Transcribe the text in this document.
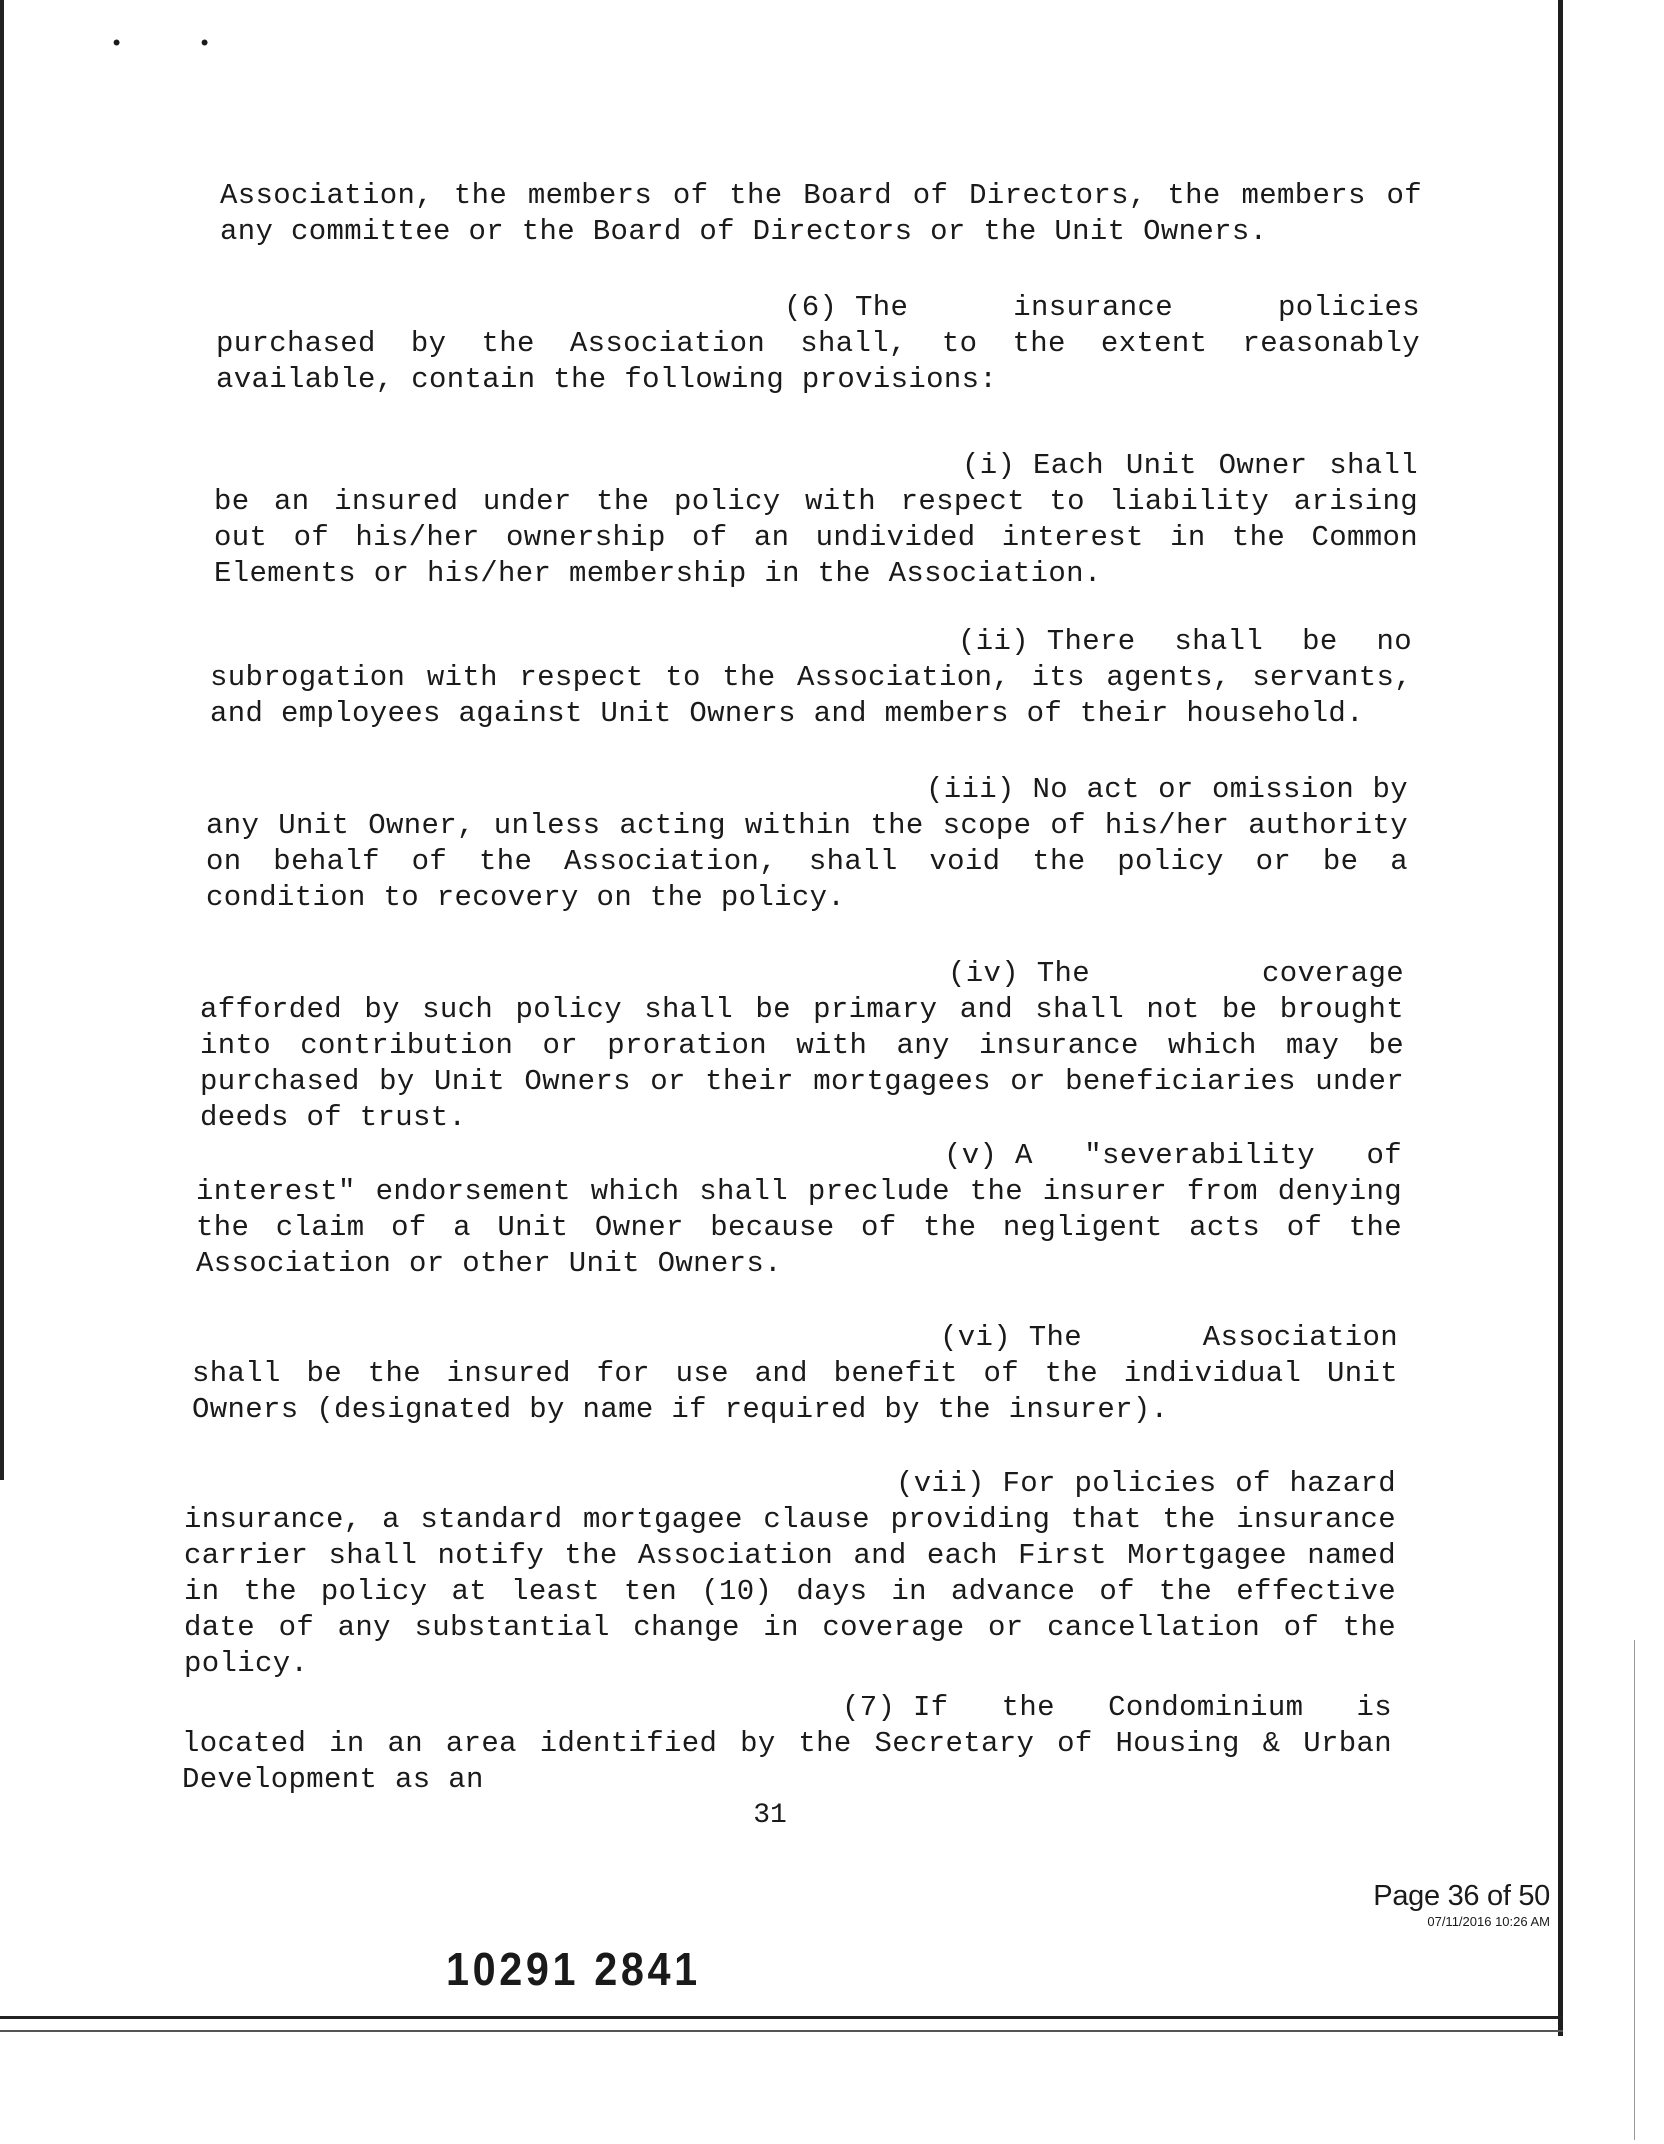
•	•

Association, the members of the Board of Directors, the members of any committee or the Board of Directors or the Unit Owners.

(6) The insurance policies purchased by the Association shall, to the extent reasonably available, contain the following provisions:

(i) Each Unit Owner shall be an insured under the policy with respect to liability arising out of his/her ownership of an undivided interest in the Common Elements or his/her membership in the Association.

(ii) There shall be no subrogation with respect to the Association, its agents, servants, and employees against Unit Owners and members of their household.

(iii) No act or omission by any Unit Owner, unless acting within the scope of his/her authority on behalf of the Association, shall void the policy or be a condition to recovery on the policy.

(iv) The coverage afforded by such policy shall be primary and shall not be brought into contribution or proration with any insurance which may be purchased by Unit Owners or their mortgagees or beneficiaries under deeds of trust.

(v) A "severability of interest" endorsement which shall preclude the insurer from denying the claim of a Unit Owner because of the negligent acts of the Association or other Unit Owners.

(vi) The Association shall be the insured for use and benefit of the individual Unit Owners (designated by name if required by the insurer).

(vii) For policies of hazard insurance, a standard mortgagee clause providing that the insurance carrier shall notify the Association and each First Mortgagee named in the policy at least ten (10) days in advance of the effective date of any substantial change in coverage or cancellation of the policy.

(7) If the Condominium is located in an area identified by the Secretary of Housing & Urban Development as an

31
Page 36 of 50
07/11/2016 10:26 AM
10291 2841
